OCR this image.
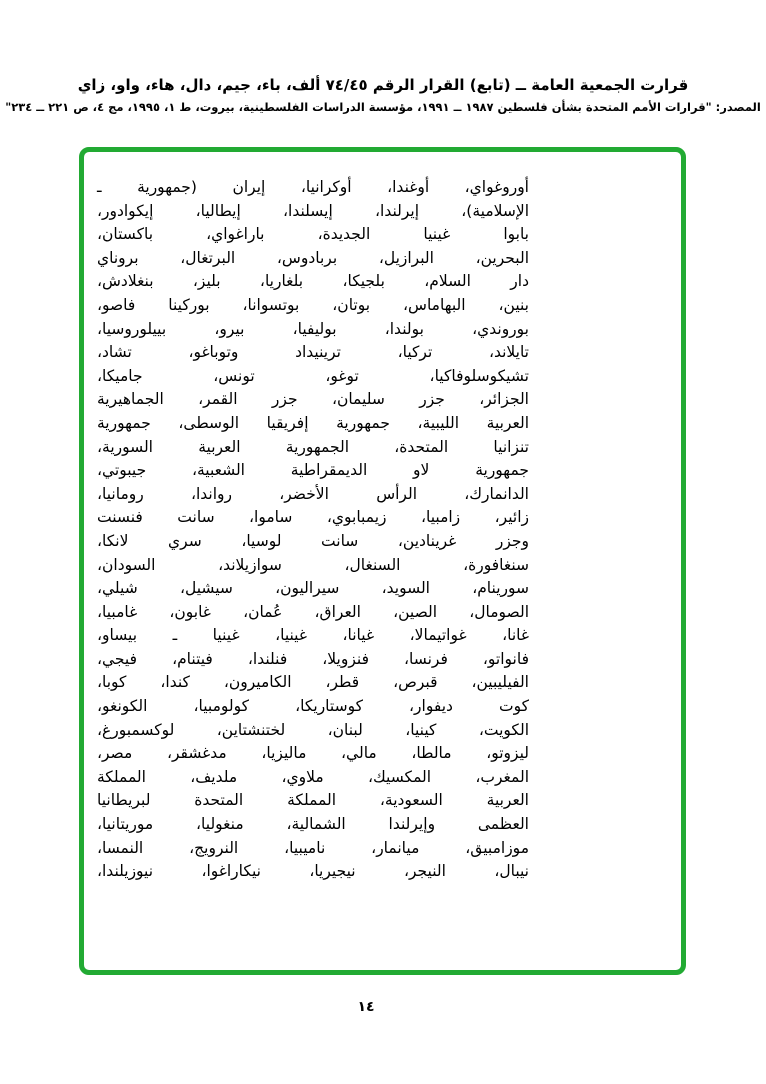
قرارت الجمعية العامة ــ (تابع) القرار الرقم ٧٤/٤٥ ألف، باء، جيم، دال، هاء، واو، زاي
المصدر: "قرارات الأمم المتحدة بشأن فلسطين ١٩٨٧ ــ ١٩٩١، مؤسسة الدراسات الفلسطينية، بيروت، ط ١، ١٩٩٥، مج ٤، ص ٢٢١ ــ ٢٣٤"
أوروغواي، أوغندا، أوكرانيا، إيران (جمهورية ـ
الإسلامية)، إيرلندا، إيسلندا، إيطاليا، إيكوادور،
بابوا غينيا الجديدة، باراغواي، باكستان،
البحرين، البرازيل، بربادوس، البرتغال، بروناي
دار السلام، بلجيكا، بلغاريا، بليز، بنغلادش،
بنين، البهاماس، بوتان، بوتسوانا، بوركينا فاصو،
بوروندي، بولندا، بوليفيا، بيرو، بييلوروسيا،
تايلاند، تركيا، ترينيداد وتوباغو، تشاد،
تشيكوسلوفاكيا، توغو، تونس، جاميكا،
الجزائر، جزر سليمان، جزر القمر، الجماهيرية
العربية الليبية، جمهورية إفريقيا الوسطى، جمهورية
تنزانيا المتحدة، الجمهورية العربية السورية،
جمهورية لاو الديمقراطية الشعبية، جيبوتي،
الدانمارك، الرأس الأخضر، رواندا، رومانيا،
زائير، زامبيا، زيمبابوي، ساموا، سانت فنسنت
وجزر غرينادين، سانت لوسيا، سري لانكا،
سنغافورة، السنغال، سوازيلاند، السودان،
سورينام، السويد، سيراليون، سيشيل، شيلي،
الصومال، الصين، العراق، عُمان، غابون، غامبيا،
غانا، غواتيمالا، غيانا، غينيا، غينيا ـ بيساو،
فانواتو، فرنسا، فنزويلا، فنلندا، فيتنام، فيجي،
الفيليبين، قبرص، قطر، الكاميرون، كندا، كوبا،
كوت ديفوار، كوستاريكا، كولومبيا، الكونغو،
الكويت، كينيا، لبنان، لختنشتاين، لوكسمبورغ،
ليزوتو، مالطا، مالي، ماليزيا، مدغشقر، مصر،
المغرب، المكسيك، ملاوي، ملديف، المملكة
العربية السعودية، المملكة المتحدة لبريطانيا
العظمى وإيرلندا الشمالية، منغوليا، موريتانيا،
موزامبيق، ميانمار، ناميبيا، النرويج، النمسا،
نيبال، النيجر، نيجيريا، نيكاراغوا، نيوزيلندا،
١٤
